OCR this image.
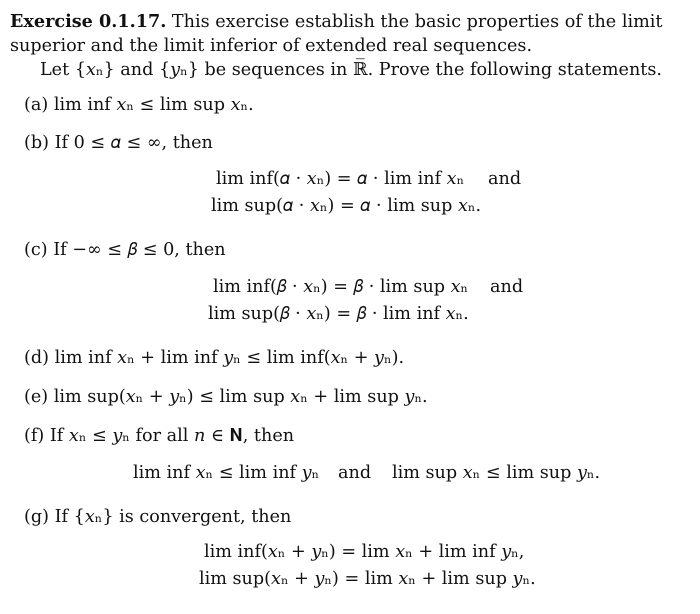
Exercise 0.1.17. This exercise establish the basic properties of the limit
superior and the limit inferior of extended real sequences.
Let {𝑥ₙ} and {𝑦ₙ} be sequences in ℝ̅. Prove the following statements.
(a) lim inf 𝑥ₙ ≤ lim sup 𝑥ₙ.
(b) If 0 ≤ 𝛼 ≤ ∞, then
lim inf(𝛼 · 𝑥ₙ) = 𝛼 · lim inf 𝑥ₙ and
lim sup(𝛼 · 𝑥ₙ) = 𝛼 · lim sup 𝑥ₙ.
(c) If −∞ ≤ 𝛽 ≤ 0, then
lim inf(𝛽 · 𝑥ₙ) = 𝛽 · lim sup 𝑥ₙ and
lim sup(𝛽 · 𝑥ₙ) = 𝛽 · lim inf 𝑥ₙ.
(d) lim inf 𝑥ₙ + lim inf 𝑦ₙ ≤ lim inf(𝑥ₙ + 𝑦ₙ).
(e) lim sup(𝑥ₙ + 𝑦ₙ) ≤ lim sup 𝑥ₙ + lim sup 𝑦ₙ.
(f) If 𝑥ₙ ≤ 𝑦ₙ for all 𝑛 ∈ 𝐍, then
lim inf 𝑥ₙ ≤ lim inf 𝑦ₙ and lim sup 𝑥ₙ ≤ lim sup 𝑦ₙ.
(g) If {𝑥ₙ} is convergent, then
lim inf(𝑥ₙ + 𝑦ₙ) = lim 𝑥ₙ + lim inf 𝑦ₙ,
lim sup(𝑥ₙ + 𝑦ₙ) = lim 𝑥ₙ + lim sup 𝑦ₙ.
